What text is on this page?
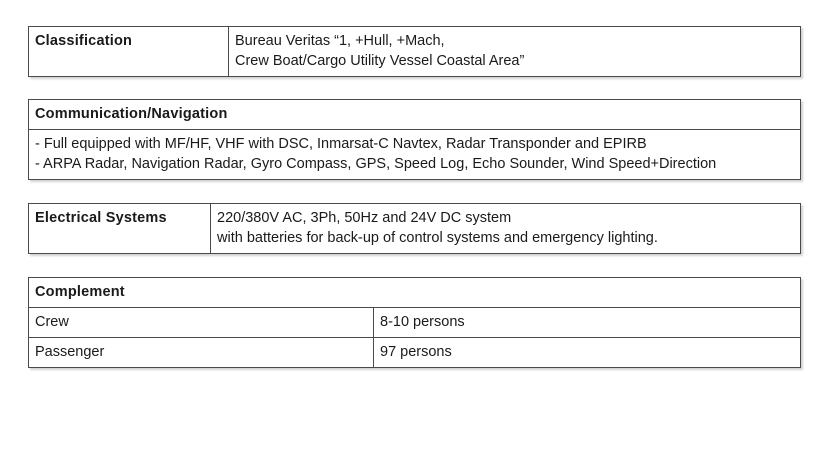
Classification	Bureau Veritas “1, +Hull, +Mach,
Crew Boat/Cargo Utility Vessel Coastal Area”
Communication/Navigation

- Full equipped with MF/HF, VHF with DSC, Inmarsat-C Navtex, Radar Transponder and EPIRB
- ARPA Radar, Navigation Radar, Gyro Compass, GPS, Speed Log, Echo Sounder, Wind Speed+Direction
Electrical Systems	220/380V AC, 3Ph, 50Hz and 24V DC system
with batteries for back-up of control systems and emergency lighting.
Complement	
Crew	8-10 persons
Passenger	97 persons
